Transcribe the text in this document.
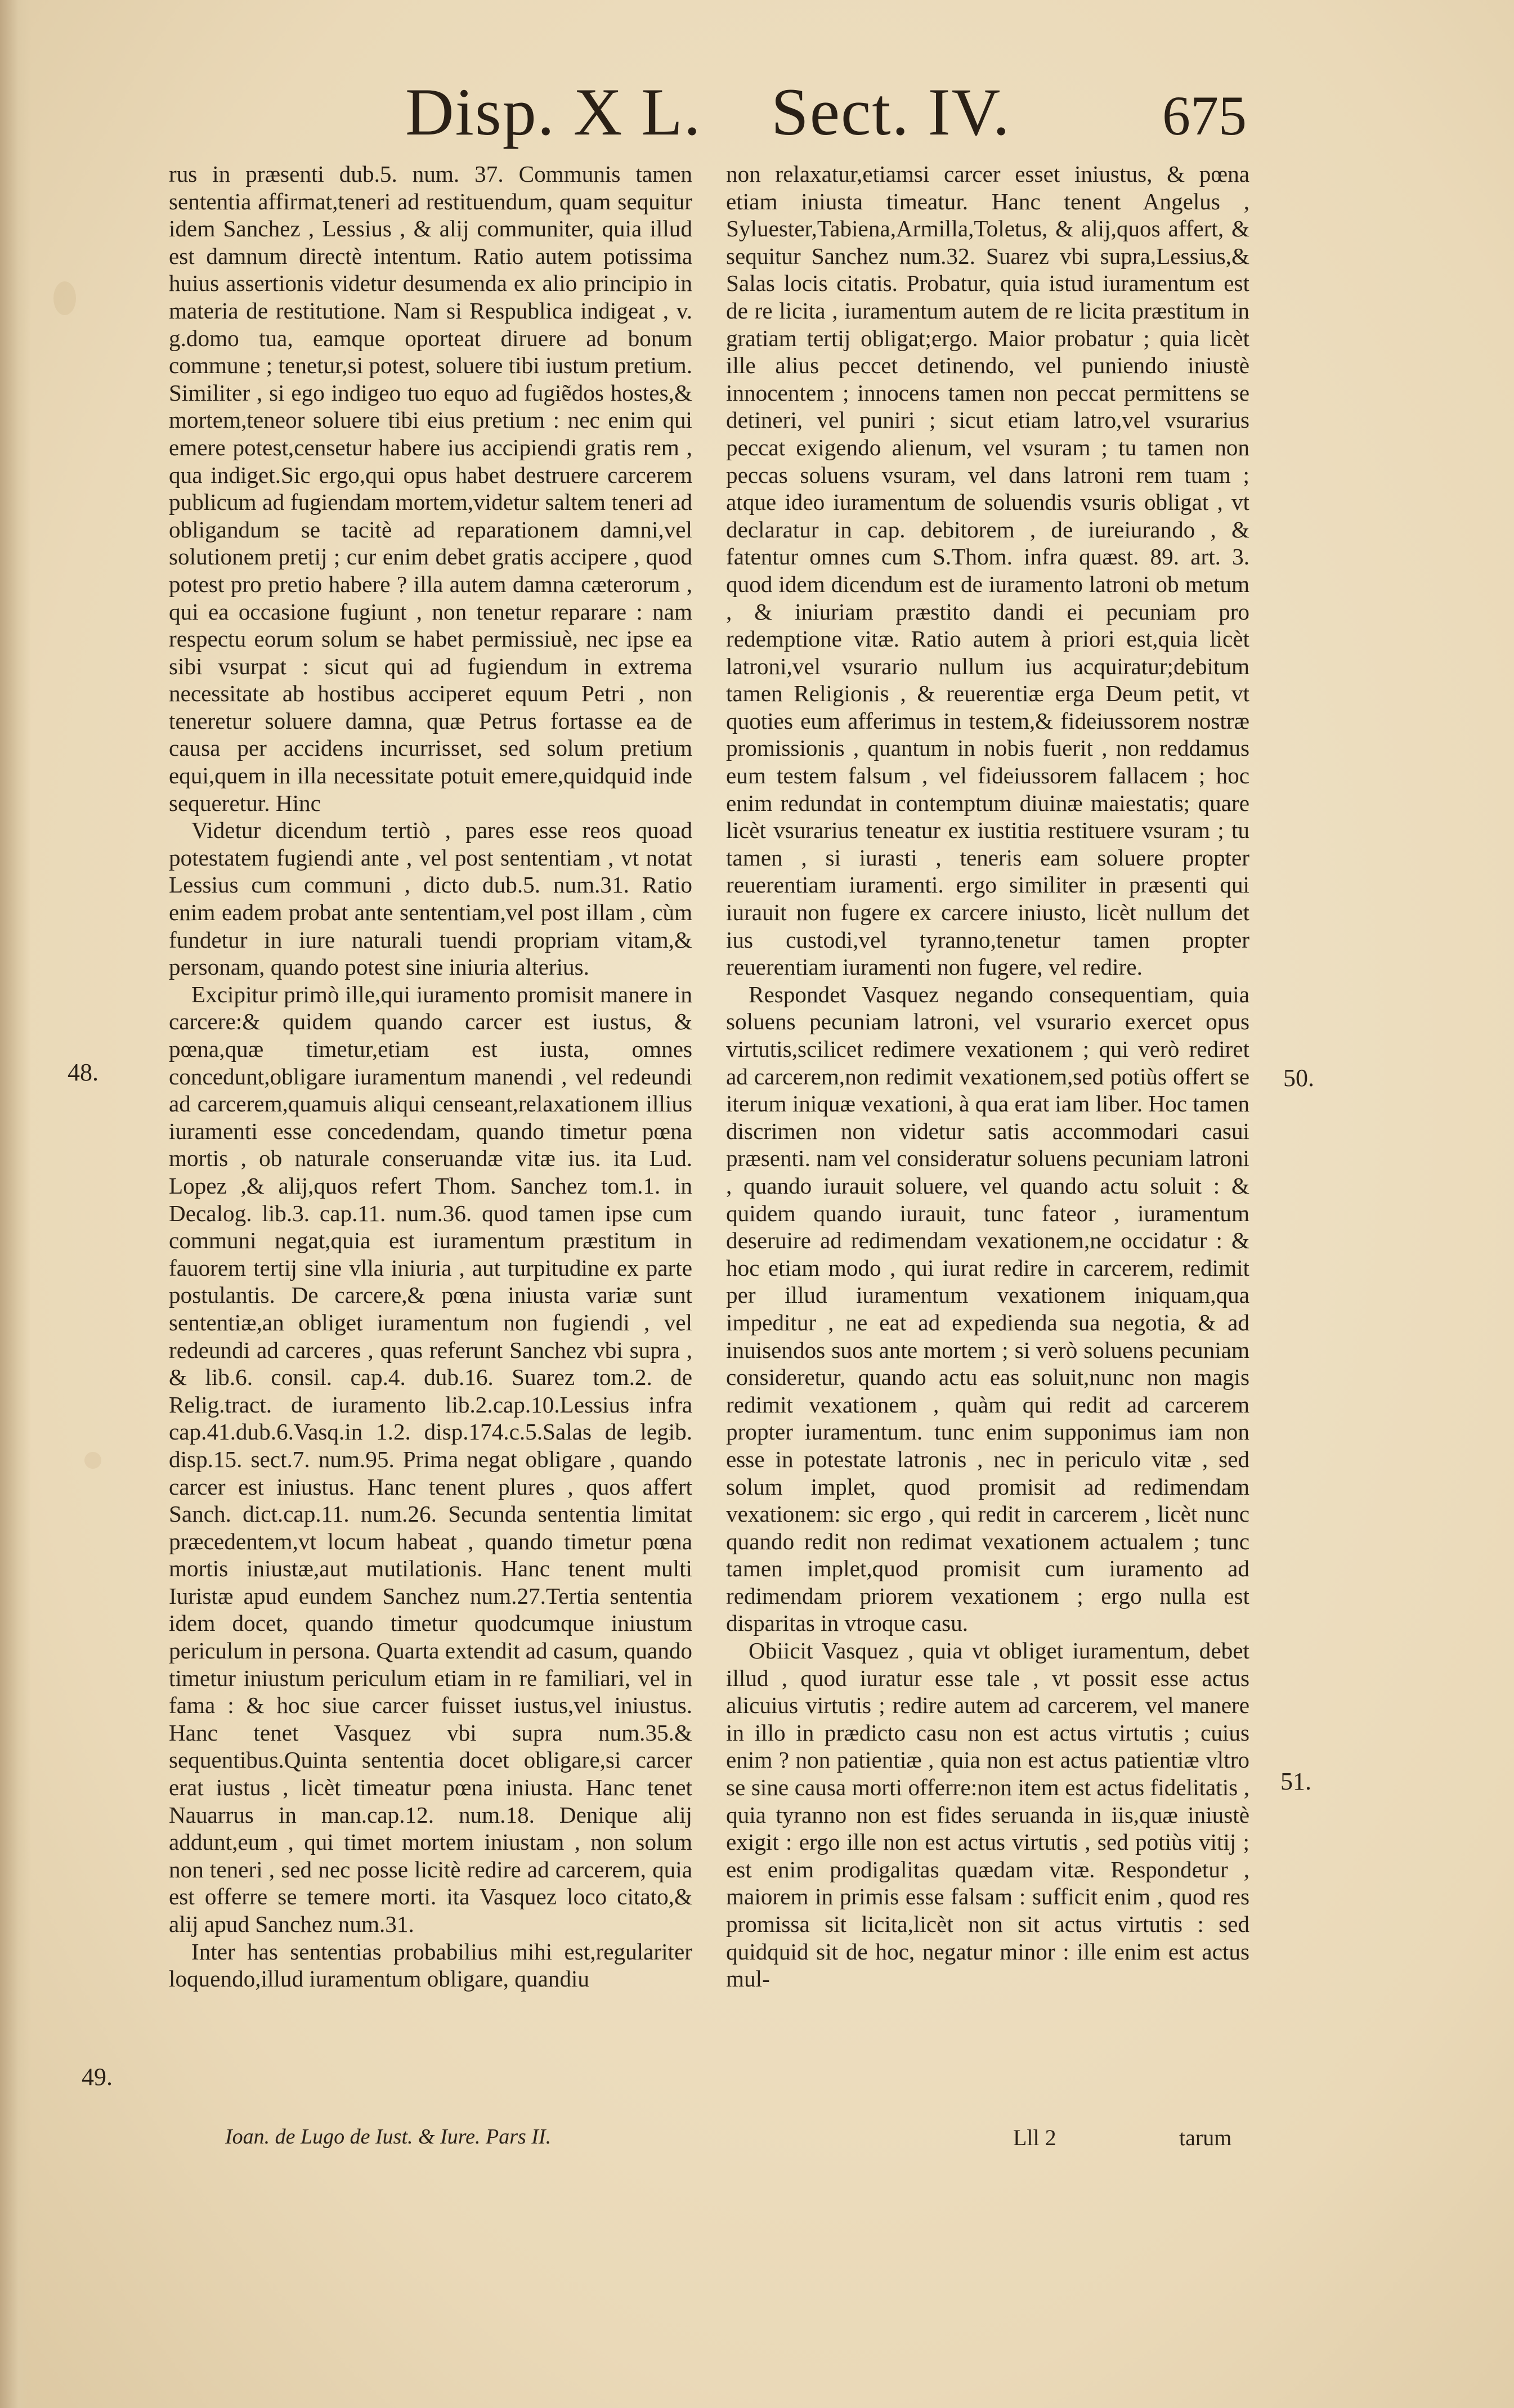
Disp. X L. Sect. IV.	675

rus in præsenti dub.5. num. 37. Communis tamen sententia affirmat,teneri ad restituendum, quam sequitur idem Sanchez , Lessius , & alij communiter, quia illud est damnum directè intentum. Ratio autem potissima huius assertionis videtur desumenda ex alio principio in materia de restitutione. Nam si Respublica indigeat , v. g.domo tua, eamque oporteat diruere ad bonum commune ; tenetur,si potest, soluere tibi iustum pretium. Similiter , si ego indigeo tuo equo ad fugiẽdos hostes,& mortem,teneor soluere tibi eius pretium : nec enim qui emere potest,censetur habere ius accipiendi gratis rem , qua indiget.Sic ergo,qui opus habet destruere carcerem publicum ad fugiendam mortem,videtur saltem teneri ad obligandum se tacitè ad reparationem damni,vel solutionem pretij ; cur enim debet gratis accipere , quod potest pro pretio habere ? illa autem damna cæterorum , qui ea occasione fugiunt , non tenetur reparare : nam respectu eorum solum se habet permissiuè, nec ipse ea sibi vsurpat : sicut qui ad fugiendum in extrema necessitate ab hostibus acciperet equum Petri , non teneretur soluere damna, quæ Petrus fortasse ea de causa per accidens incurrisset, sed solum pretium equi,quem in illa necessitate potuit emere,quidquid inde sequeretur. Hinc

Videtur dicendum tertiò , pares esse reos quoad potestatem fugiendi ante , vel post sententiam , vt notat Lessius cum communi , dicto dub.5. num.31. Ratio enim eadem probat ante sententiam,vel post illam , cùm fundetur in iure naturali tuendi propriam vitam,& personam, quando potest sine iniuria alterius.

Excipitur primò ille,qui iuramento promisit manere in carcere:& quidem quando carcer est iustus, & pœna,quæ timetur,etiam est iusta, omnes concedunt,obligare iuramentum manendi , vel redeundi ad carcerem,quamuis aliqui censeant,relaxationem illius iuramenti esse concedendam, quando timetur pœna mortis , ob naturale conseruandæ vitæ ius. ita Lud. Lopez ,& alij,quos refert Thom. Sanchez tom.1. in Decalog. lib.3. cap.11. num.36. quod tamen ipse cum communi negat,quia est iuramentum præstitum in fauorem tertij sine vlla iniuria , aut turpitudine ex parte postulantis. De carcere,& pœna iniusta variæ sunt sententiæ,an obliget iuramentum non fugiendi , vel redeundi ad carceres , quas referunt Sanchez vbi supra , & lib.6. consil. cap.4. dub.16. Suarez tom.2. de Relig.tract. de iuramento lib.2.cap.10.Lessius infra cap.41.dub.6.Vasq.in 1.2. disp.174.c.5.Salas de legib. disp.15. sect.7. num.95. Prima negat obligare , quando carcer est iniustus. Hanc tenent plures , quos affert Sanch. dict.cap.11. num.26. Secunda sententia limitat præcedentem,vt locum habeat , quando timetur pœna mortis iniustæ,aut mutilationis. Hanc tenent multi Iuristæ apud eundem Sanchez num.27.Tertia sententia idem docet, quando timetur quodcumque iniustum periculum in persona. Quarta extendit ad casum, quando timetur iniustum periculum etiam in re familiari, vel in fama : & hoc siue carcer fuisset iustus,vel iniustus. Hanc tenet Vasquez vbi supra num.35.& sequentibus.Quinta sententia docet obligare,si carcer erat iustus , licèt timeatur pœna iniusta. Hanc tenet Nauarrus in man.cap.12. num.18. Denique alij addunt,eum , qui timet mortem iniustam , non solum non teneri , sed nec posse licitè redire ad carcerem, quia est offerre se temere morti. ita Vasquez loco citato,& alij apud Sanchez num.31.

Inter has sententias probabilius mihi est,regulariter loquendo,illud iuramentum obligare, quandiu

non relaxatur,etiamsi carcer esset iniustus, & pœna etiam iniusta timeatur. Hanc tenent Angelus , Syluester,Tabiena,Armilla,Toletus, & alij,quos affert, & sequitur Sanchez num.32. Suarez vbi supra,Lessius,& Salas locis citatis. Probatur, quia istud iuramentum est de re licita , iuramentum autem de re licita præstitum in gratiam tertij obligat;ergo. Maior probatur ; quia licèt ille alius peccet detinendo, vel puniendo iniustè innocentem ; innocens tamen non peccat permittens se detineri, vel puniri ; sicut etiam latro,vel vsurarius peccat exigendo alienum, vel vsuram ; tu tamen non peccas soluens vsuram, vel dans latroni rem tuam ; atque ideo iuramentum de soluendis vsuris obligat , vt declaratur in cap. debitorem , de iureiurando , & fatentur omnes cum S.Thom. infra quæst. 89. art. 3. quod idem dicendum est de iuramento latroni ob metum , & iniuriam præstito dandi ei pecuniam pro redemptione vitæ. Ratio autem à priori est,quia licèt latroni,vel vsurario nullum ius acquiratur;debitum tamen Religionis , & reuerentiæ erga Deum petit, vt quoties eum afferimus in testem,& fideiussorem nostræ promissionis , quantum in nobis fuerit , non reddamus eum testem falsum , vel fideiussorem fallacem ; hoc enim redundat in contemptum diuinæ maiestatis; quare licèt vsurarius teneatur ex iustitia restituere vsuram ; tu tamen , si iurasti , teneris eam soluere propter reuerentiam iuramenti. ergo similiter in præsenti qui iurauit non fugere ex carcere iniusto, licèt nullum det ius custodi,vel tyranno,tenetur tamen propter reuerentiam iuramenti non fugere, vel redire.

Respondet Vasquez negando consequentiam, quia soluens pecuniam latroni, vel vsurario exercet opus virtutis,scilicet redimere vexationem ; qui verò rediret ad carcerem,non redimit vexationem,sed potiùs offert se iterum iniquæ vexationi, à qua erat iam liber. Hoc tamen discrimen non videtur satis accommodari casui præsenti. nam vel consideratur soluens pecuniam latroni , quando iurauit soluere, vel quando actu soluit : & quidem quando iurauit, tunc fateor , iuramentum deseruire ad redimendam vexationem,ne occidatur : & hoc etiam modo , qui iurat redire in carcerem, redimit per illud iuramentum vexationem iniquam,qua impeditur , ne eat ad expedienda sua negotia, & ad inuisendos suos ante mortem ; si verò soluens pecuniam consideretur, quando actu eas soluit,nunc non magis redimit vexationem , quàm qui redit ad carcerem propter iuramentum. tunc enim supponimus iam non esse in potestate latronis , nec in periculo vitæ , sed solum implet, quod promisit ad redimendam vexationem: sic ergo , qui redit in carcerem , licèt nunc quando redit non redimat vexationem actualem ; tunc tamen implet,quod promisit cum iuramento ad redimendam priorem vexationem ; ergo nulla est disparitas in vtroque casu.

Obiicit Vasquez , quia vt obliget iuramentum, debet illud , quod iuratur esse tale , vt possit esse actus alicuius virtutis ; redire autem ad carcerem, vel manere in illo in prædicto casu non est actus virtutis ; cuius enim ? non patientiæ , quia non est actus patientiæ vltro se sine causa morti offerre:non item est actus fidelitatis , quia tyranno non est fides seruanda in iis,quæ iniustè exigit : ergo ille non est actus virtutis , sed potiùs vitij ; est enim prodigalitas quædam vitæ. Respondetur , maiorem in primis esse falsam : sufficit enim , quod res promissa sit licita,licèt non sit actus virtutis : sed quidquid sit de hoc, negatur minor : ille enim est actus mul-

48.
49.
50.
51.
Ioan. de Lugo de Iust. & Iure. Pars II.	Lll 2	tarum
